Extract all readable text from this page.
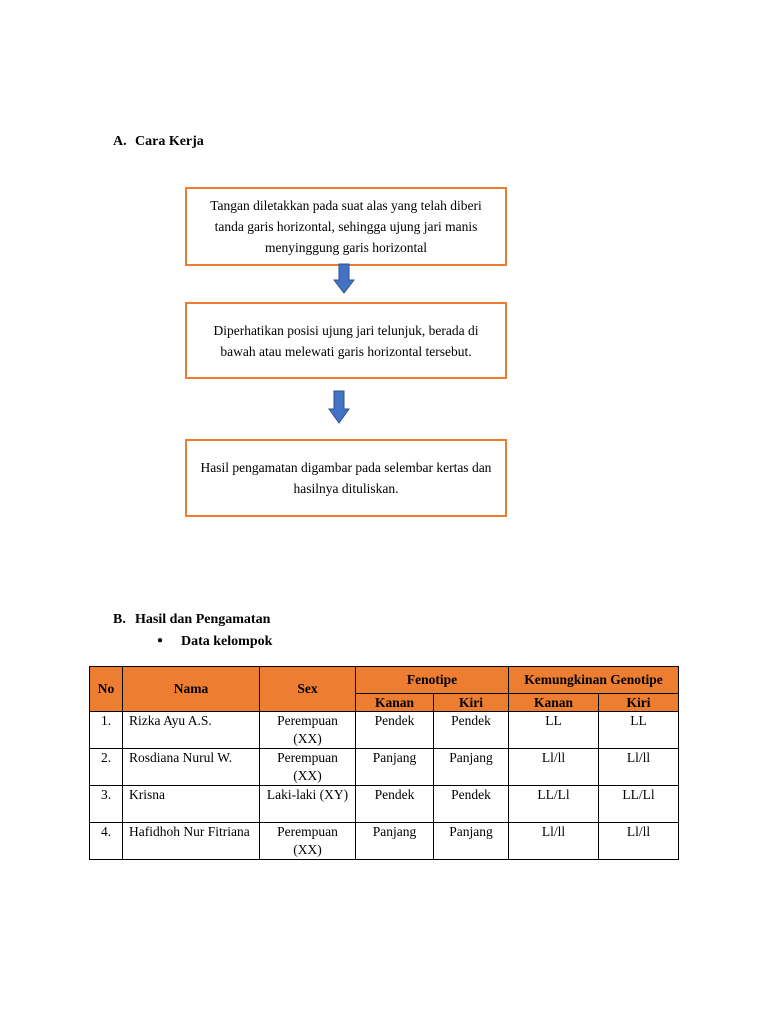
A. Cara Kerja
Tangan diletakkan pada suat alas yang telah diberi tanda garis horizontal, sehingga ujung jari manis menyinggung garis horizontal
Diperhatikan posisi ujung jari telunjuk, berada di bawah atau melewati garis horizontal tersebut.
Hasil pengamatan digambar pada selembar kertas dan hasilnya dituliskan.
B. Hasil dan Pengamatan
● Data kelompok
No	Nama	Sex	Fenotipe		Kemungkinan Genotipe	
			Kanan	Kiri	Kanan	Kiri
1.	Rizka Ayu A.S.	Perempuan (XX)	Pendek	Pendek	LL	LL
2.	Rosdiana Nurul W.	Perempuan (XX)	Panjang	Panjang	Ll/ll	Ll/ll
3.	Krisna	Laki-laki (XY)	Pendek	Pendek	LL/Ll	LL/Ll
4.	Hafidhoh Nur Fitriana	Perempuan (XX)	Panjang	Panjang	Ll/ll	Ll/ll
